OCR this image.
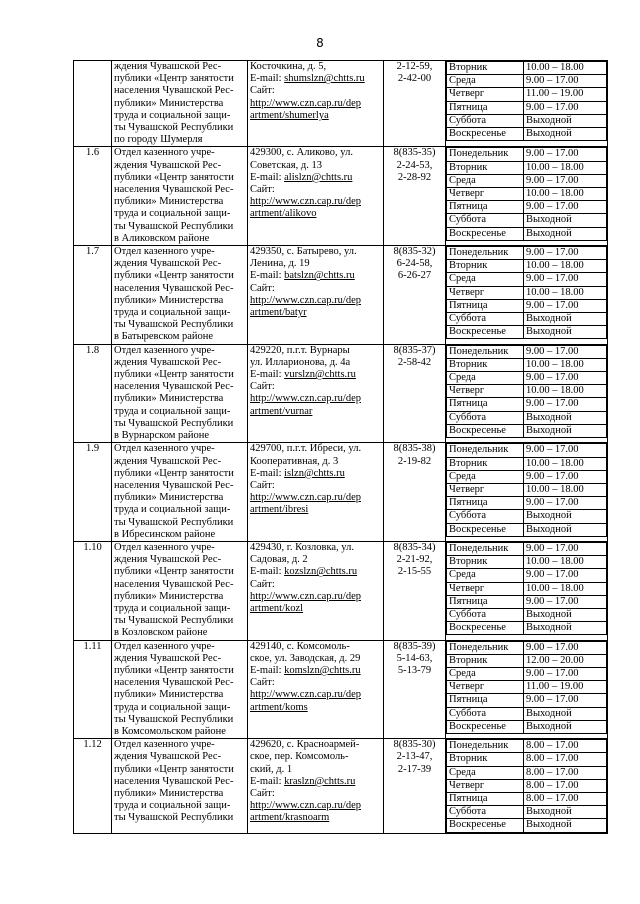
8

ждения Чувашской Рес-
публики «Центр занятости
населения Чувашской Рес-
публики» Министерства
труда и социальной защи-
ты Чувашской Республики
по городу Шумерля

Косточкина, д. 5,
E-mail: shumslzn@chtts.ru
Сайт:
http://www.czn.cap.ru/dep
artment/shumerlya

2-12-59,
2-42-00

Вторник	10.00 – 18.00
Среда	9.00 – 17.00
Четверг	11.00 – 19.00
Пятница	9.00 – 17.00
Суббота	Выходной
Воскресенье	Выходной

1.6	Отдел казенного учре-
ждения Чувашской Рес-
публики «Центр занятости
населения Чувашской Рес-
публики» Министерства
труда и социальной защи-
ты Чувашской Республики
в Аликовском районе

429300, с. Аликово, ул.
Советская, д. 13
E-mail: alislzn@chtts.ru
Сайт:
http://www.czn.cap.ru/dep
artment/alikovo

8(835-35)
2-24-53,
2-28-92

Понедельник	9.00 – 17.00
Вторник	10.00 – 18.00
Среда	9.00 – 17.00
Четверг	10.00 – 18.00
Пятница	9.00 – 17.00
Суббота	Выходной
Воскресенье	Выходной

1.7	Отдел казенного учре-
ждения Чувашской Рес-
публики «Центр занятости
населения Чувашской Рес-
публики» Министерства
труда и социальной защи-
ты Чувашской Республики
в Батыревском районе

429350, с. Батырево, ул.
Ленина, д. 19
E-mail: batslzn@chtts.ru
Сайт:
http://www.czn.cap.ru/dep
artment/batyr

8(835-32)
6-24-58,
6-26-27

Понедельник	9.00 – 17.00
Вторник	10.00 – 18.00
Среда	9.00 – 17.00
Четверг	10.00 – 18.00
Пятница	9.00 – 17.00
Суббота	Выходной
Воскресенье	Выходной

1.8	Отдел казенного учре-
ждения Чувашской Рес-
публики «Центр занятости
населения Чувашской Рес-
публики» Министерства
труда и социальной защи-
ты Чувашской Республики
в Вурнарском районе

429220, п.г.т. Вурнары
ул. Илларионова, д. 4а
E-mail: vurslzn@chtts.ru
Сайт:
http://www.czn.cap.ru/dep
artment/vurnar

8(835-37)
2-58-42

Понедельник	9.00 – 17.00
Вторник	10.00 – 18.00
Среда	9.00 – 17.00
Четверг	10.00 – 18.00
Пятница	9.00 – 17.00
Суббота	Выходной
Воскресенье	Выходной

1.9	Отдел казенного учре-
ждения Чувашской Рес-
публики «Центр занятости
населения Чувашской Рес-
публики» Министерства
труда и социальной защи-
ты Чувашской Республики
в Ибресинском районе

429700, п.г.т. Ибреси, ул.
Кооперативная, д. 3
E-mail: islzn@chtts.ru
Сайт:
http://www.czn.cap.ru/dep
artment/ibresi

8(835-38)
2-19-82

Понедельник	9.00 – 17.00
Вторник	10.00 – 18.00
Среда	9.00 – 17.00
Четверг	10.00 – 18.00
Пятница	9.00 – 17.00
Суббота	Выходной
Воскресенье	Выходной

1.10	Отдел казенного учре-
ждения Чувашской Рес-
публики «Центр занятости
населения Чувашской Рес-
публики» Министерства
труда и социальной защи-
ты Чувашской Республики
в Козловском районе

429430, г. Козловка, ул.
Садовая, д. 2
E-mail: kozslzn@chtts.ru
Сайт:
http://www.czn.cap.ru/dep
artment/kozl

8(835-34)
2-21-92,
2-15-55

Понедельник	9.00 – 17.00
Вторник	10.00 – 18.00
Среда	9.00 – 17.00
Четверг	10.00 – 18.00
Пятница	9.00 – 17.00
Суббота	Выходной
Воскресенье	Выходной

1.11	Отдел казенного учре-
ждения Чувашской Рес-
публики «Центр занятости
населения Чувашской Рес-
публики» Министерства
труда и социальной защи-
ты Чувашской Республики
в Комсомольском районе

429140, с. Комсомоль-
ское, ул. Заводская, д. 29
E-mail: komslzn@chtts.ru
Сайт:
http://www.czn.cap.ru/dep
artment/koms

8(835-39)
5-14-63,
5-13-79

Понедельник	9.00 – 17.00
Вторник	12.00 – 20.00
Среда	9.00 – 17.00
Четверг	11.00 – 19.00
Пятница	9.00 – 17.00
Суббота	Выходной
Воскресенье	Выходной

1.12	Отдел казенного учре-
ждения Чувашской Рес-
публики «Центр занятости
населения Чувашской Рес-
публики» Министерства
труда и социальной защи-
ты Чувашской Республики

429620, с. Красноармей-
ское, пер. Комсомоль-
ский, д. 1
E-mail: kraslzn@chtts.ru
Сайт:
http://www.czn.cap.ru/dep
artment/krasnoarm

8(835-30)
2-13-47,
2-17-39

Понедельник	8.00 – 17.00
Вторник	8.00 – 17.00
Среда	8.00 – 17.00
Четверг	8.00 – 17.00
Пятница	8.00 – 17.00
Суббота	Выходной
Воскресенье	Выходной
